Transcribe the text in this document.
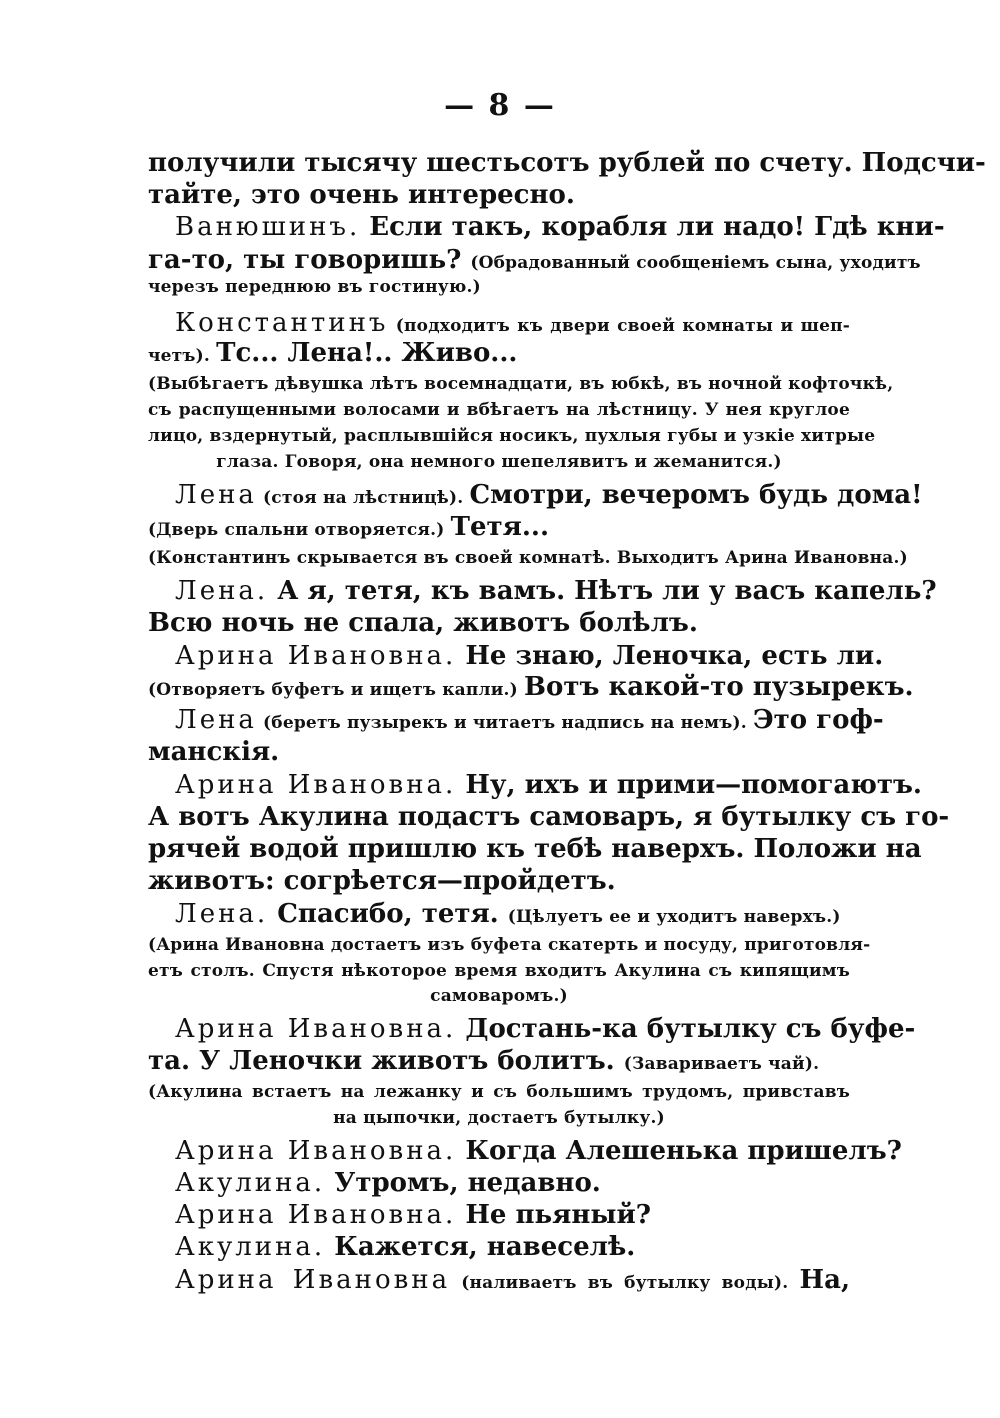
— 8 —
получили тысячу шестьсотъ рублей по счету. Подсчи-
тайте, это очень интересно.
Ванюшинъ. Если такъ, корабля ли надо! Гдѣ кни-
га-то, ты говоришь? (Обрадованный сообщенiемъ сына, уходитъ
черезъ переднюю въ гостиную.)
Константинъ (подходитъ къ двери своей комнаты и шеп-
четъ). Тс... Лена!.. Живо...
(Выбѣгаетъ дѣвушка лѣтъ восемнадцати, въ юбкѣ, въ ночной кофточкѣ,
съ распущенными волосами и вбѣгаетъ на лѣстницу. У нея круглое
лицо, вздернутый, расплывшійся носикъ, пухлыя губы и узкіе хитрые
глаза. Говоря, она немного шепелявитъ и жеманится.)
Лена (стоя на лѣстницѣ). Смотри, вечеромъ будь дома!
(Дверь спальни отворяется.) Тетя...
(Константинъ скрывается въ своей комнатѣ. Выходитъ Арина Ивановна.)
Лена. А я, тетя, къ вамъ. Нѣтъ ли у васъ капель?
Всю ночь не спала, животъ болѣлъ.
Арина Ивановна. Не знаю, Леночка, есть ли.
(Отворяетъ буфетъ и ищетъ капли.) Вотъ какой-то пузырекъ.
Лена (беретъ пузырекъ и читаетъ надпись на немъ). Это гоф-
манскія.
Арина Ивановна. Ну, ихъ и прими—помогаютъ.
А вотъ Акулина подастъ самоваръ, я бутылку съ го-
рячей водой пришлю къ тебѣ наверхъ. Положи на
животъ: согрѣется—пройдетъ.
Лена. Спасибо, тетя. (Цѣлуетъ ее и уходитъ наверхъ.)
(Арина Ивановна достаетъ изъ буфета скатерть и посуду, приготовля-
етъ столъ. Спустя нѣкоторое время входитъ Акулина съ кипящимъ
самоваромъ.)
Арина Ивановна. Достань-ка бутылку съ буфе-
та. У Леночки животъ болитъ. (Завариваетъ чай).
(Акулина встаетъ на лежанку и съ большимъ трудомъ, привставъ
на цыпочки, достаетъ бутылку.)
Арина Ивановна. Когда Алешенька пришелъ?
Акулина. Утромъ, недавно.
Арина Ивановна. Не пьяный?
Акулина. Кажется, навеселѣ.
Арина Ивановна (наливаетъ въ бутылку воды). На,
